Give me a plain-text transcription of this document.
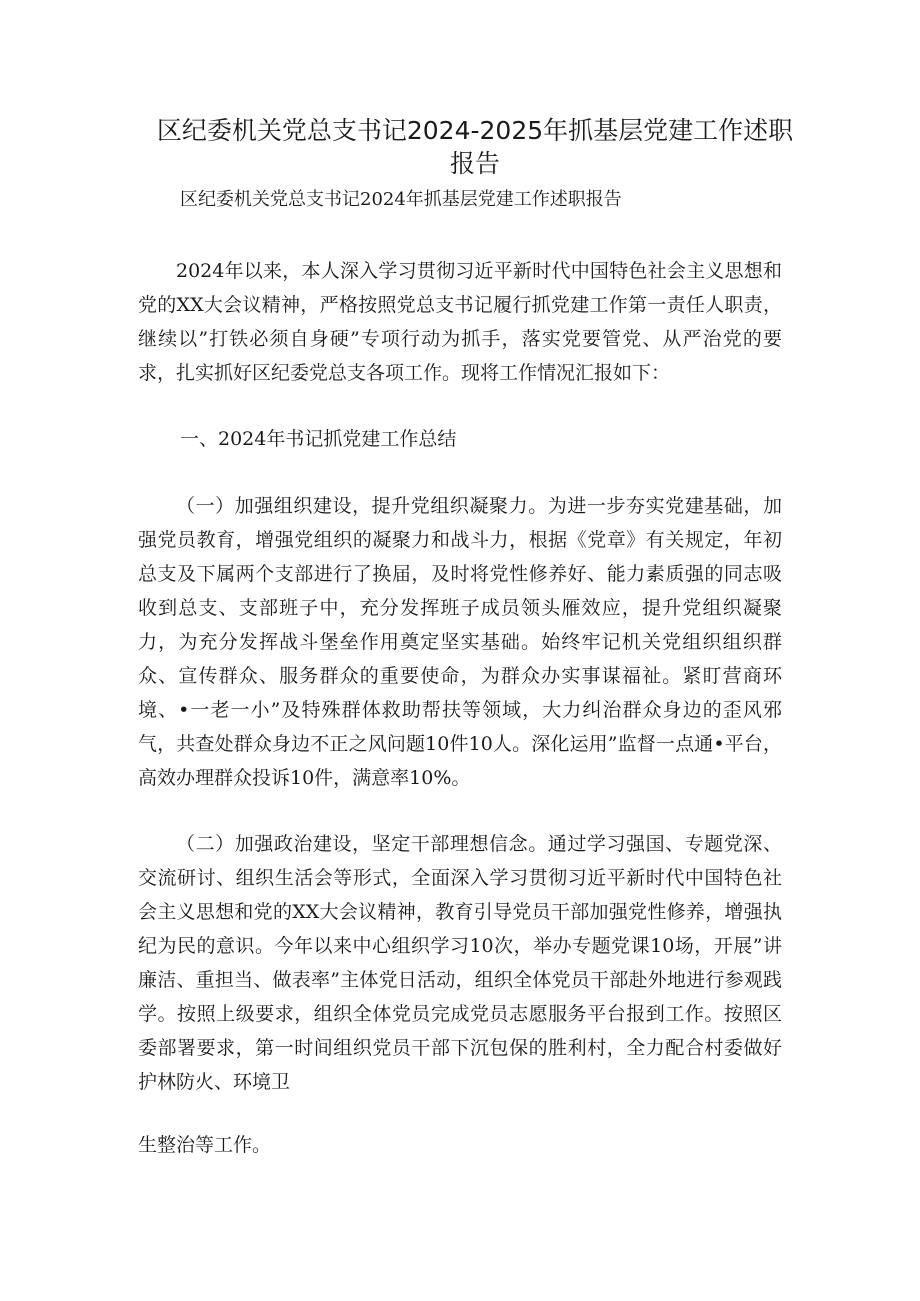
区纪委机关党总支书记2024-2025年抓基层党建工作述职报告

区纪委机关党总支书记2024年抓基层党建工作述职报告

2024年以来，本人深入学习贯彻习近平新时代中国特色社会主义思想和党的XX大会议精神，严格按照党总支书记履行抓党建工作第一责任人职责，继续以”打铁必须自身硬”专项行动为抓手，落实党要管党、从严治党的要求，扎实抓好区纪委党总支各项工作。现将工作情况汇报如下：

一、2024年书记抓党建工作总结

（一）加强组织建设，提升党组织凝聚力。为进一步夯实党建基础，加强党员教育，增强党组织的凝聚力和战斗力，根据《党章》有关规定，年初总支及下属两个支部进行了换届，及时将党性修养好、能力素质强的同志吸收到总支、支部班子中，充分发挥班子成员领头雁效应，提升党组织凝聚力，为充分发挥战斗堡垒作用奠定坚实基础。始终牢记机关党组织组织群众、宣传群众、服务群众的重要使命，为群众办实事谋福祉。紧盯营商环境、•一老一小”及特殊群体救助帮扶等领域，大力纠治群众身边的歪风邪气，共查处群众身边不正之风问题10件10人。深化运用”监督一点通•平台，高效办理群众投诉10件，满意率10%。

（二）加强政治建设，坚定干部理想信念。通过学习强国、专题党深、交流研讨、组织生活会等形式，全面深入学习贯彻习近平新时代中国特色社会主义思想和党的XX大会议精神，教育引导党员干部加强党性修养，增强执纪为民的意识。今年以来中心组织学习10次，举办专题党课10场，开展”讲廉洁、重担当、做表率”主体党日活动，组织全体党员干部赴外地进行参观践学。按照上级要求，组织全体党员完成党员志愿服务平台报到工作。按照区委部署要求，第一时间组织党员干部下沉包保的胜利村，全力配合村委做好护林防火、环境卫

生整治等工作。
